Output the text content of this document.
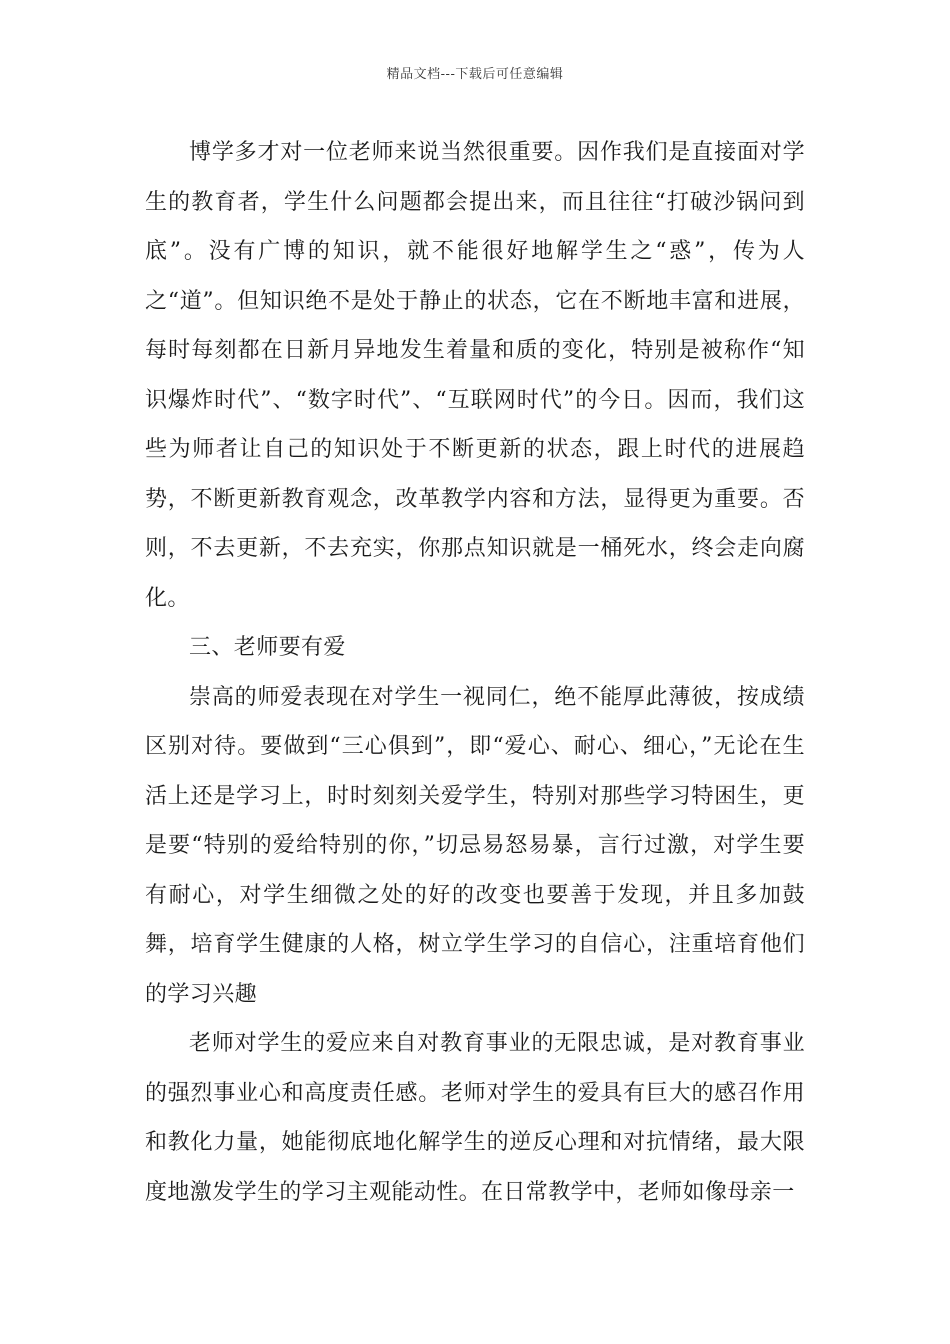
精品文档---下载后可任意编辑

博学多才对一位老师来说当然很重要。因作我们是直接面对学生的教育者，学生什么问题都会提出来，而且往往“打破沙锅问到底”。没有广博的知识，就不能很好地解学生之“惑”，传为人之“道”。但知识绝不是处于静止的状态，它在不断地丰富和进展，每时每刻都在日新月异地发生着量和质的变化，特别是被称作“知识爆炸时代”、“数字时代”、“互联网时代”的今日。因而，我们这些为师者让自己的知识处于不断更新的状态，跟上时代的进展趋势，不断更新教育观念，改革教学内容和方法，显得更为重要。否则，不去更新，不去充实，你那点知识就是一桶死水，终会走向腐化。

三、老师要有爱

崇高的师爱表现在对学生一视同仁，绝不能厚此薄彼，按成绩区别对待。要做到“三心俱到”，即“爱心、耐心、细心，”无论在生活上还是学习上，时时刻刻关爱学生，特别对那些学习特困生，更是要“特别的爱给特别的你，”切忌易怒易暴，言行过激，对学生要有耐心，对学生细微之处的好的改变也要善于发现，并且多加鼓舞，培育学生健康的人格，树立学生学习的自信心，注重培育他们的学习兴趣

老师对学生的爱应来自对教育事业的无限忠诚，是对教育事业的强烈事业心和高度责任感。老师对学生的爱具有巨大的感召作用和教化力量，她能彻底地化解学生的逆反心理和对抗情绪，最大限度地激发学生的学习主观能动性。在日常教学中，老师如像母亲一
